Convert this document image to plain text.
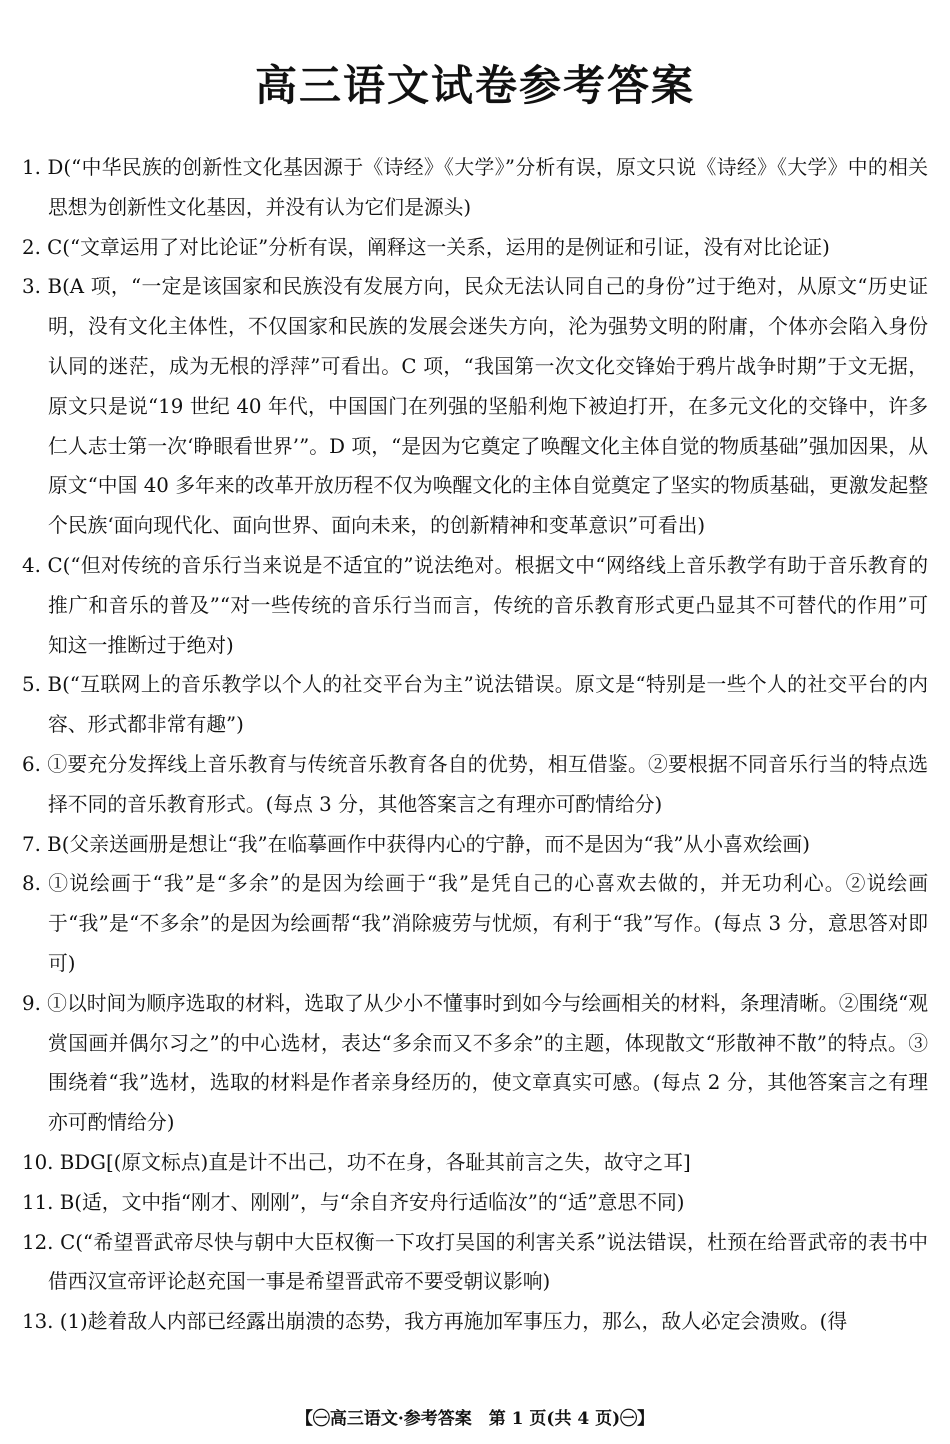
高三语文试卷参考答案
1. D(“中华民族的创新性文化基因源于《诗经》《大学》”分析有误，原文只说《诗经》《大学》中的相关思想为创新性文化基因，并没有认为它们是源头)
2. C(“文章运用了对比论证”分析有误，阐释这一关系，运用的是例证和引证，没有对比论证)
3. B(A 项，“一定是该国家和民族没有发展方向，民众无法认同自己的身份”过于绝对，从原文“历史证明，没有文化主体性，不仅国家和民族的发展会迷失方向，沦为强势文明的附庸，个体亦会陷入身份认同的迷茫，成为无根的浮萍”可看出。C 项，“我国第一次文化交锋始于鸦片战争时期”于文无据，原文只是说“19 世纪 40 年代，中国国门在列强的坚船利炮下被迫打开，在多元文化的交锋中，许多仁人志士第一次‘睁眼看世界’”。D 项，“是因为它奠定了唤醒文化主体自觉的物质基础”强加因果，从原文“中国 40 多年来的改革开放历程不仅为唤醒文化的主体自觉奠定了坚实的物质基础，更激发起整个民族‘面向现代化、面向世界、面向未来，的创新精神和变革意识”可看出)
4. C(“但对传统的音乐行当来说是不适宜的”说法绝对。根据文中“网络线上音乐教学有助于音乐教育的推广和音乐的普及”“对一些传统的音乐行当而言，传统的音乐教育形式更凸显其不可替代的作用”可知这一推断过于绝对)
5. B(“互联网上的音乐教学以个人的社交平台为主”说法错误。原文是“特别是一些个人的社交平台的内容、形式都非常有趣”)
6. ①要充分发挥线上音乐教育与传统音乐教育各自的优势，相互借鉴。②要根据不同音乐行当的特点选择不同的音乐教育形式。(每点 3 分，其他答案言之有理亦可酌情给分)
7. B(父亲送画册是想让“我”在临摹画作中获得内心的宁静，而不是因为“我”从小喜欢绘画)
8. ①说绘画于“我”是“多余”的是因为绘画于“我”是凭自己的心喜欢去做的，并无功利心。②说绘画于“我”是“不多余”的是因为绘画帮“我”消除疲劳与忧烦，有利于“我”写作。(每点 3 分，意思答对即可)
9. ①以时间为顺序选取的材料，选取了从少小不懂事时到如今与绘画相关的材料，条理清晰。②围绕“观赏国画并偶尔习之”的中心选材，表达“多余而又不多余”的主题，体现散文“形散神不散”的特点。③围绕着“我”选材，选取的材料是作者亲身经历的，使文章真实可感。(每点 2 分，其他答案言之有理亦可酌情给分)
10. BDG[(原文标点)直是计不出己，功不在身，各耻其前言之失，故守之耳]
11. B(适，文中指“刚才、刚刚”，与“余自齐安舟行适临汝”的“适”意思不同)
12. C(“希望晋武帝尽快与朝中大臣权衡一下攻打吴国的利害关系”说法错误，杜预在给晋武帝的表书中借西汉宣帝评论赵充国一事是希望晋武帝不要受朝议影响)
13. (1)趁着敌人内部已经露出崩溃的态势，我方再施加军事压力，那么，敌人必定会溃败。(得
【㊀高三语文·参考答案　第 1 页(共 4 页)㊀】
